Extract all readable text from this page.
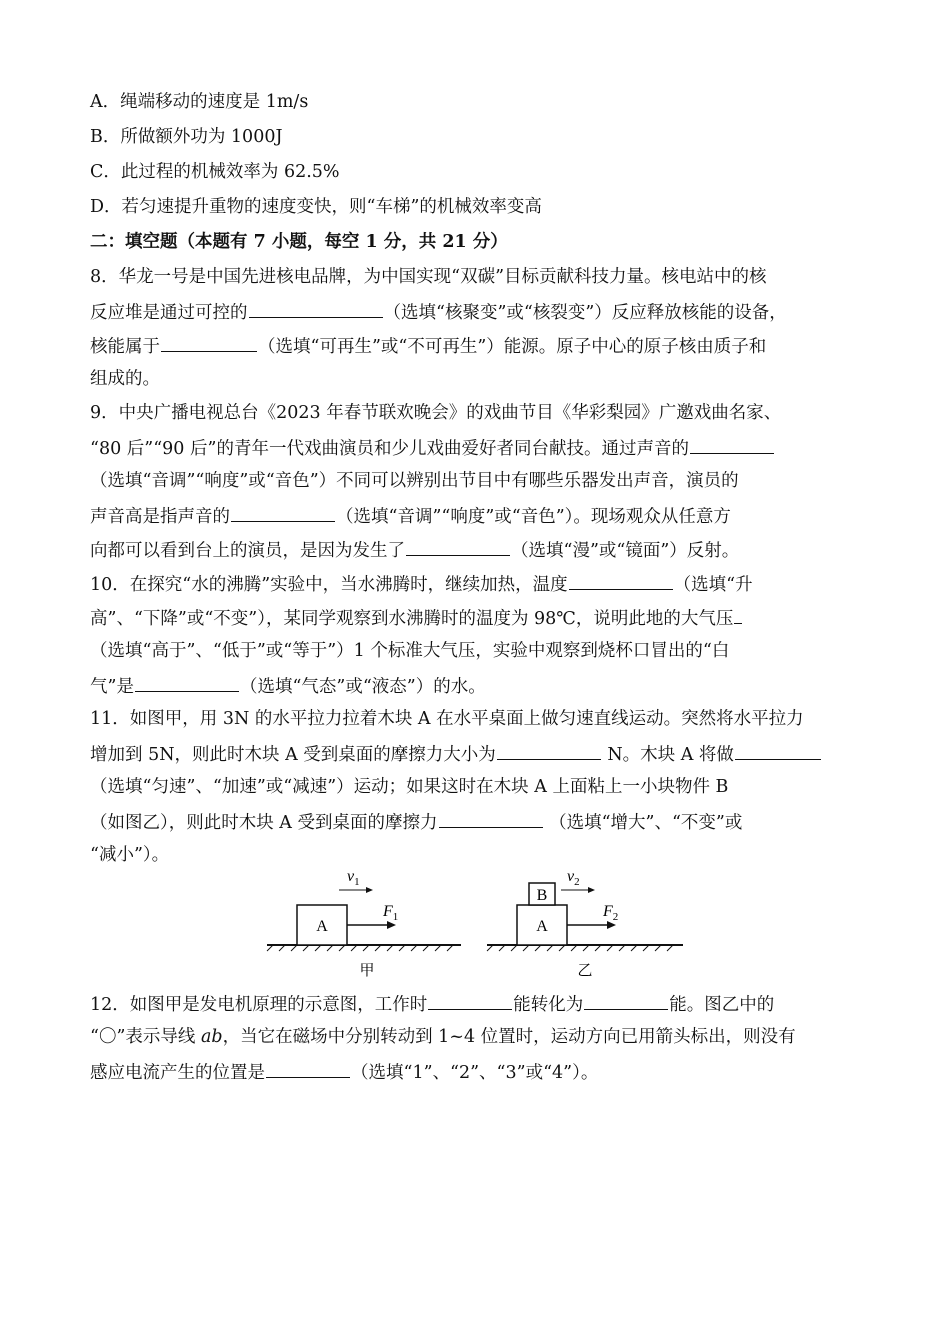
A．绳端移动的速度是 1m/s
B．所做额外功为 1000J
C．此过程的机械效率为 62.5%
D．若匀速提升重物的速度变快，则“车梯”的机械效率变高
二：填空题（本题有 7 小题，每空 1 分，共 21 分）
8．华龙一号是中国先进核电品牌，为中国实现“双碳”目标贡献科技力量。核电站中的核
反应堆是通过可控的	（选填“核聚变”或“核裂变”）反应释放核能的设备，
核能属于	（选填“可再生”或“不可再生”）能源。原子中心的原子核由质子和
组成的。
9．中央广播电视总台《2023 年春节联欢晚会》的戏曲节目《华彩梨园》广邀戏曲名家、
“80 后”“90 后”的青年一代戏曲演员和少儿戏曲爱好者同台献技。通过声音的
（选填“音调”“响度”或“音色”）不同可以辨别出节目中有哪些乐器发出声音，演员的
声音高是指声音的	（选填“音调”“响度”或“音色”）。现场观众从任意方
向都可以看到台上的演员，是因为发生了	（选填“漫”或“镜面”）反射。
10．在探究“水的沸腾”实验中，当水沸腾时，继续加热，温度	（选填“升
高”、“下降”或“不变”），某同学观察到水沸腾时的温度为 98℃，说明此地的大气压
（选填“高于”、“低于”或“等于”）1 个标准大气压，实验中观察到烧杯口冒出的“白
气”是	（选填“气态”或“液态”）的水。
11．如图甲，用 3N 的水平拉力拉着木块 A 在水平桌面上做匀速直线运动。突然将水平拉力
增加到 5N，则此时木块 A 受到桌面的摩擦力大小为	N。木块 A 将做
（选填“匀速”、“加速”或“减速”）运动；如果这时在木块 A 上面粘上一小块物件 B
（如图乙），则此时木块 A 受到桌面的摩擦力	（选填“增大”、“不变”或
“减小”）。
A
$F_1$
$v_1$
甲
A
B
$F_2$
$v_2$
乙
12．如图甲是发电机原理的示意图，工作时	能转化为	能。图乙中的
“〇”表示导线 ab，当它在磁场中分别转动到 1~4 位置时，运动方向已用箭头标出，则没有
感应电流产生的位置是	（选填“1”、“2”、“3”或“4”）。
